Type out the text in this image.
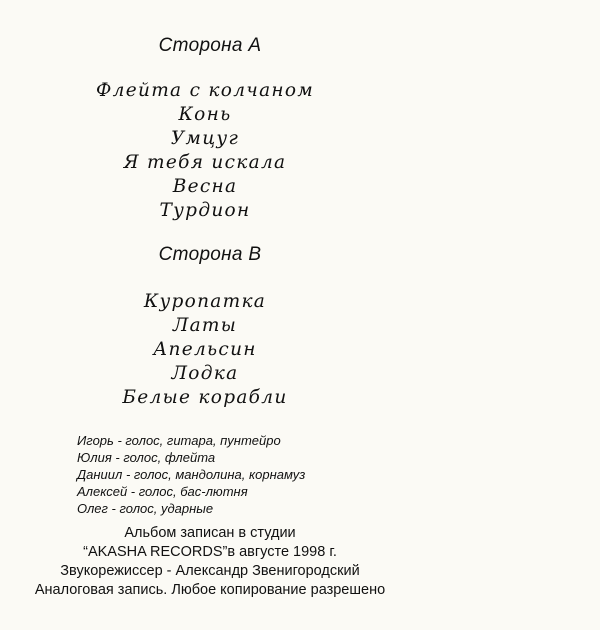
Сторона А
Флейта с колчаном
Конь
Умцуг
Я тебя искала
Весна
Турдион
Сторона В
Куропатка
Латы
Апельсин
Лодка
Белые корабли
Игорь - голос, гитара, пунтейро
Юлия - голос, флейта
Даниил - голос, мандолина, корнамуз
Алексей - голос, бас-лютня
Олег - голос, ударные
Альбом записан в студии
“AKASHA RECORDS”в августе 1998 г.
Звукорежиссер - Александр Звенигородский
Аналоговая запись. Любое копирование разрешено
